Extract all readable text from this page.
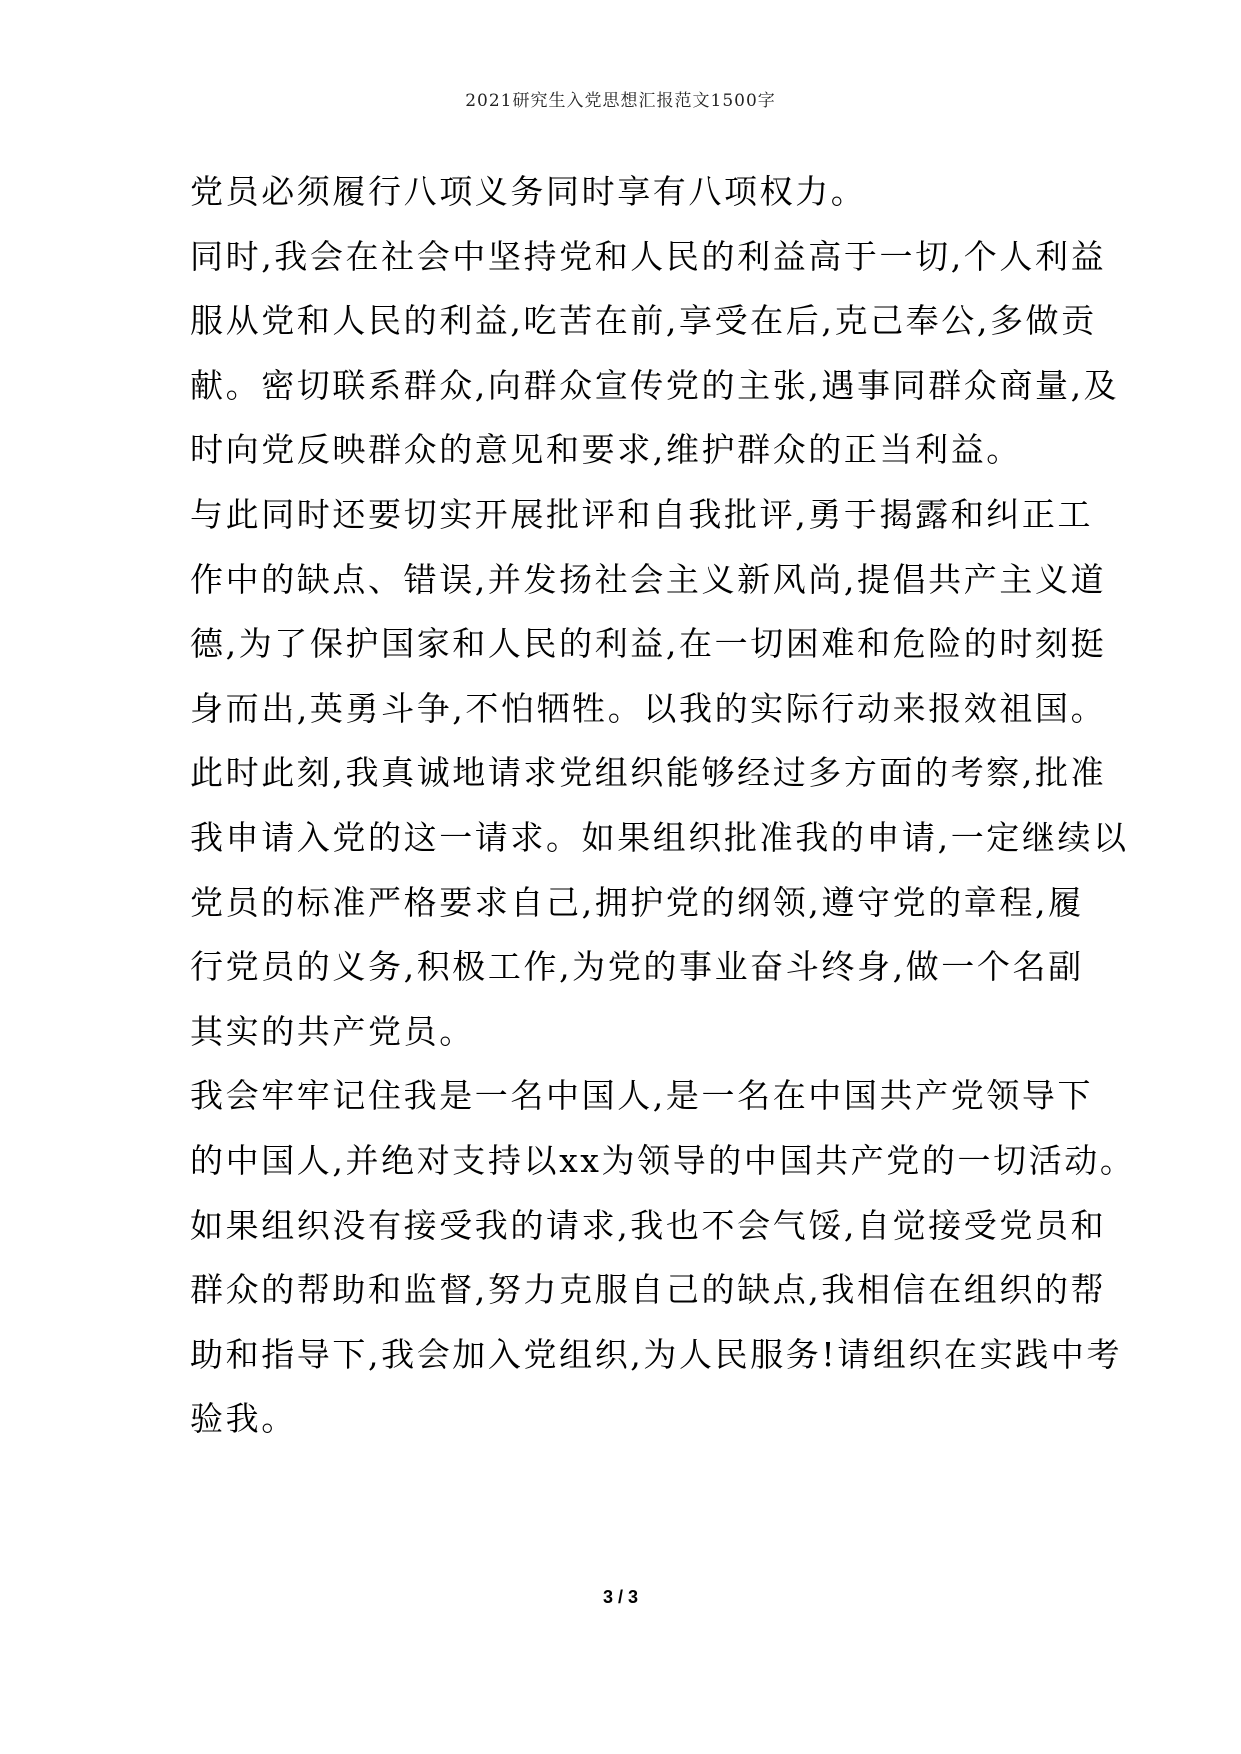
2021研究生入党思想汇报范文1500字
党员必须履行八项义务同时享有八项权力。
同时,我会在社会中坚持党和人民的利益高于一切,个人利益
服从党和人民的利益,吃苦在前,享受在后,克己奉公,多做贡
献。密切联系群众,向群众宣传党的主张,遇事同群众商量,及
时向党反映群众的意见和要求,维护群众的正当利益。
与此同时还要切实开展批评和自我批评,勇于揭露和纠正工
作中的缺点、错误,并发扬社会主义新风尚,提倡共产主义道
德,为了保护国家和人民的利益,在一切困难和危险的时刻挺
身而出,英勇斗争,不怕牺牲。以我的实际行动来报效祖国。
此时此刻,我真诚地请求党组织能够经过多方面的考察,批准
我申请入党的这一请求。如果组织批准我的申请,一定继续以
党员的标准严格要求自己,拥护党的纲领,遵守党的章程,履
行党员的义务,积极工作,为党的事业奋斗终身,做一个名副
其实的共产党员。
我会牢牢记住我是一名中国人,是一名在中国共产党领导下
的中国人,并绝对支持以xx为领导的中国共产党的一切活动。
如果组织没有接受我的请求,我也不会气馁,自觉接受党员和
群众的帮助和监督,努力克服自己的缺点,我相信在组织的帮
助和指导下,我会加入党组织,为人民服务!请组织在实践中考
验我。
3 / 3
